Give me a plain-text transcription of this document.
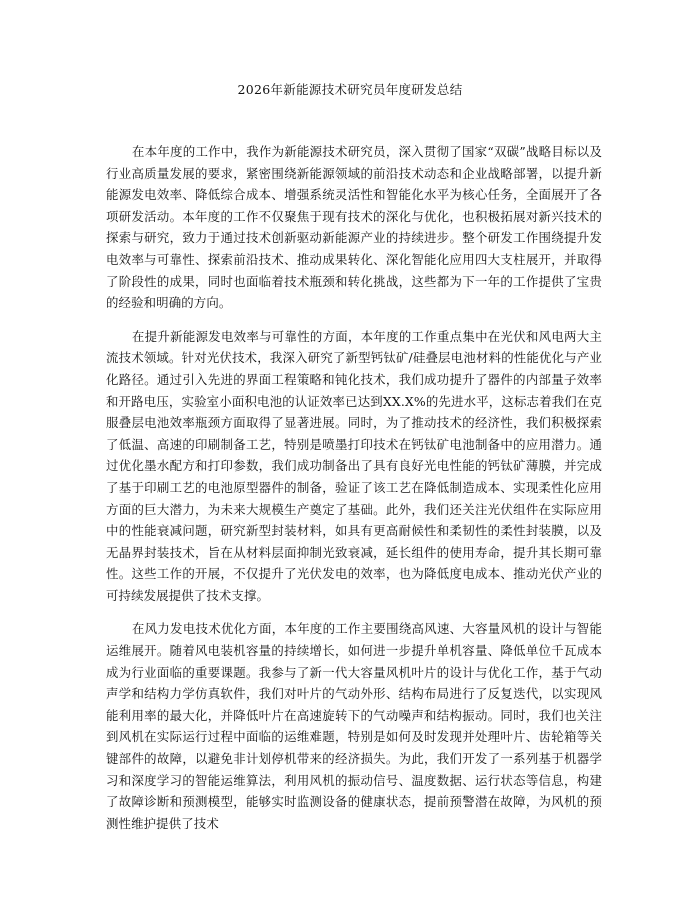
2026年新能源技术研究员年度研发总结

在本年度的工作中，我作为新能源技术研究员，深入贯彻了国家“双碳”战略目标以及行业高质量发展的要求，紧密围绕新能源领域的前沿技术动态和企业战略部署，以提升新能源发电效率、降低综合成本、增强系统灵活性和智能化水平为核心任务，全面展开了各项研发活动。本年度的工作不仅聚焦于现有技术的深化与优化，也积极拓展对新兴技术的探索与研究，致力于通过技术创新驱动新能源产业的持续进步。整个研发工作围绕提升发电效率与可靠性、探索前沿技术、推动成果转化、深化智能化应用四大支柱展开，并取得了阶段性的成果，同时也面临着技术瓶颈和转化挑战，这些都为下一年的工作提供了宝贵的经验和明确的方向。

在提升新能源发电效率与可靠性的方面，本年度的工作重点集中在光伏和风电两大主流技术领域。针对光伏技术，我深入研究了新型钙钛矿/硅叠层电池材料的性能优化与产业化路径。通过引入先进的界面工程策略和钝化技术，我们成功提升了器件的内部量子效率和开路电压，实验室小面积电池的认证效率已达到XX.X%的先进水平，这标志着我们在克服叠层电池效率瓶颈方面取得了显著进展。同时，为了推动技术的经济性，我们积极探索了低温、高速的印刷制备工艺，特别是喷墨打印技术在钙钛矿电池制备中的应用潜力。通过优化墨水配方和打印参数，我们成功制备出了具有良好光电性能的钙钛矿薄膜，并完成了基于印刷工艺的电池原型器件的制备，验证了该工艺在降低制造成本、实现柔性化应用方面的巨大潜力，为未来大规模生产奠定了基础。此外，我们还关注光伏组件在实际应用中的性能衰减问题，研究新型封装材料，如具有更高耐候性和柔韧性的柔性封装膜，以及无晶界封装技术，旨在从材料层面抑制光致衰减，延长组件的使用寿命，提升其长期可靠性。这些工作的开展，不仅提升了光伏发电的效率，也为降低度电成本、推动光伏产业的可持续发展提供了技术支撑。

在风力发电技术优化方面，本年度的工作主要围绕高风速、大容量风机的设计与智能运维展开。随着风电装机容量的持续增长，如何进一步提升单机容量、降低单位千瓦成本成为行业面临的重要课题。我参与了新一代大容量风机叶片的设计与优化工作，基于气动声学和结构力学仿真软件，我们对叶片的气动外形、结构布局进行了反复迭代，以实现风能利用率的最大化，并降低叶片在高速旋转下的气动噪声和结构振动。同时，我们也关注到风机在实际运行过程中面临的运维难题，特别是如何及时发现并处理叶片、齿轮箱等关键部件的故障，以避免非计划停机带来的经济损失。为此，我们开发了一系列基于机器学习和深度学习的智能运维算法，利用风机的振动信号、温度数据、运行状态等信息，构建了故障诊断和预测模型，能够实时监测设备的健康状态，提前预警潜在故障，为风机的预测性维护提供了技术
